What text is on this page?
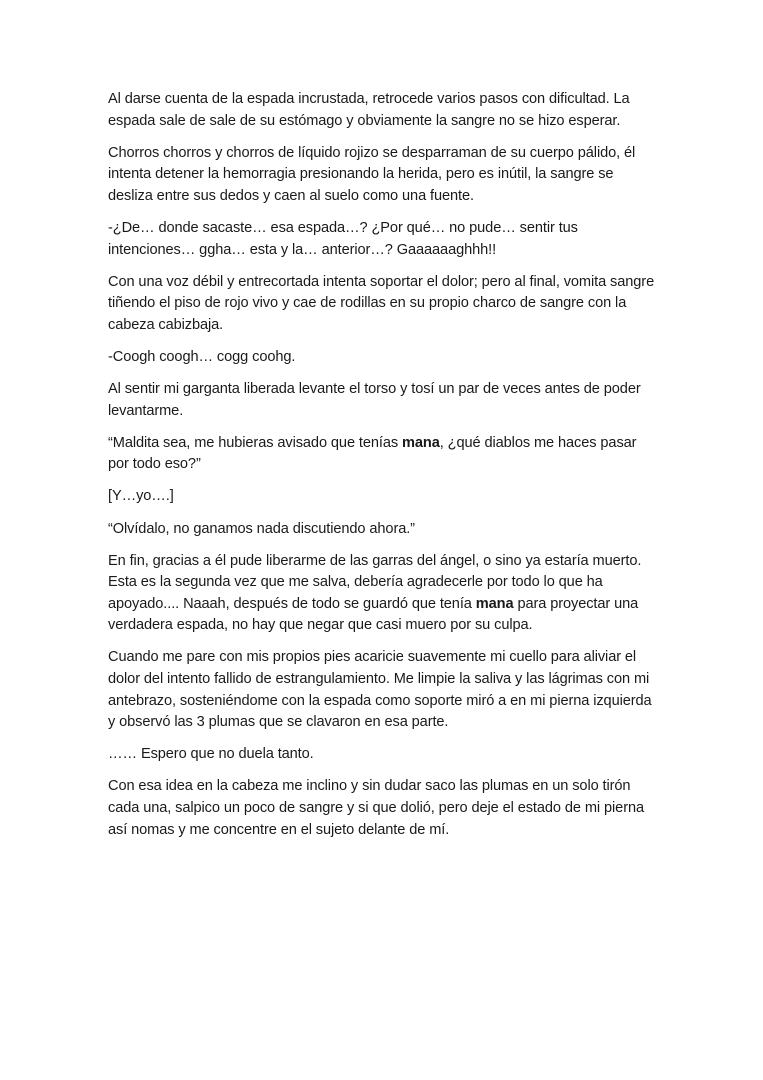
Al darse cuenta de la espada incrustada, retrocede varios pasos con dificultad. La espada sale de sale de su estómago y obviamente la sangre no se hizo esperar.

Chorros chorros y chorros de líquido rojizo se desparraman de su cuerpo pálido, él intenta detener la hemorragia presionando la herida, pero es inútil, la sangre se desliza entre sus dedos y caen al suelo como una fuente.

-¿De… donde sacaste… esa espada…? ¿Por qué… no pude… sentir tus intenciones… ggha… esta y la… anterior…? Gaaaaaaghhh!!

Con una voz débil y entrecortada intenta soportar el dolor; pero al final, vomita sangre tiñendo el piso de rojo vivo y cae de rodillas en su propio charco de sangre con la cabeza cabizbaja.

-Coogh coogh… cogg coohg.

Al sentir mi garganta liberada levante el torso y tosí un par de veces antes de poder levantarme.

“Maldita sea, me hubieras avisado que tenías mana, ¿qué diablos me haces pasar por todo eso?”

[Y…yo….]

“Olvídalo, no ganamos nada discutiendo ahora.”

En fin, gracias a él pude liberarme de las garras del ángel, o sino ya estaría muerto. Esta es la segunda vez que me salva, debería agradecerle por todo lo que ha apoyado.... Naaah, después de todo se guardó que tenía mana para proyectar una verdadera espada, no hay que negar que casi muero por su culpa.

Cuando me pare con mis propios pies acaricie suavemente mi cuello para aliviar el dolor del intento fallido de estrangulamiento. Me limpie la saliva y las lágrimas con mi antebrazo, sosteniéndome con la espada como soporte miró a en mi pierna izquierda y observó las 3 plumas que se clavaron en esa parte.

…… Espero que no duela tanto.

Con esa idea en la cabeza me inclino y sin dudar saco las plumas en un solo tirón cada una, salpico un poco de sangre y si que dolió, pero deje el estado de mi pierna así nomas y me concentre en el sujeto delante de mí.
